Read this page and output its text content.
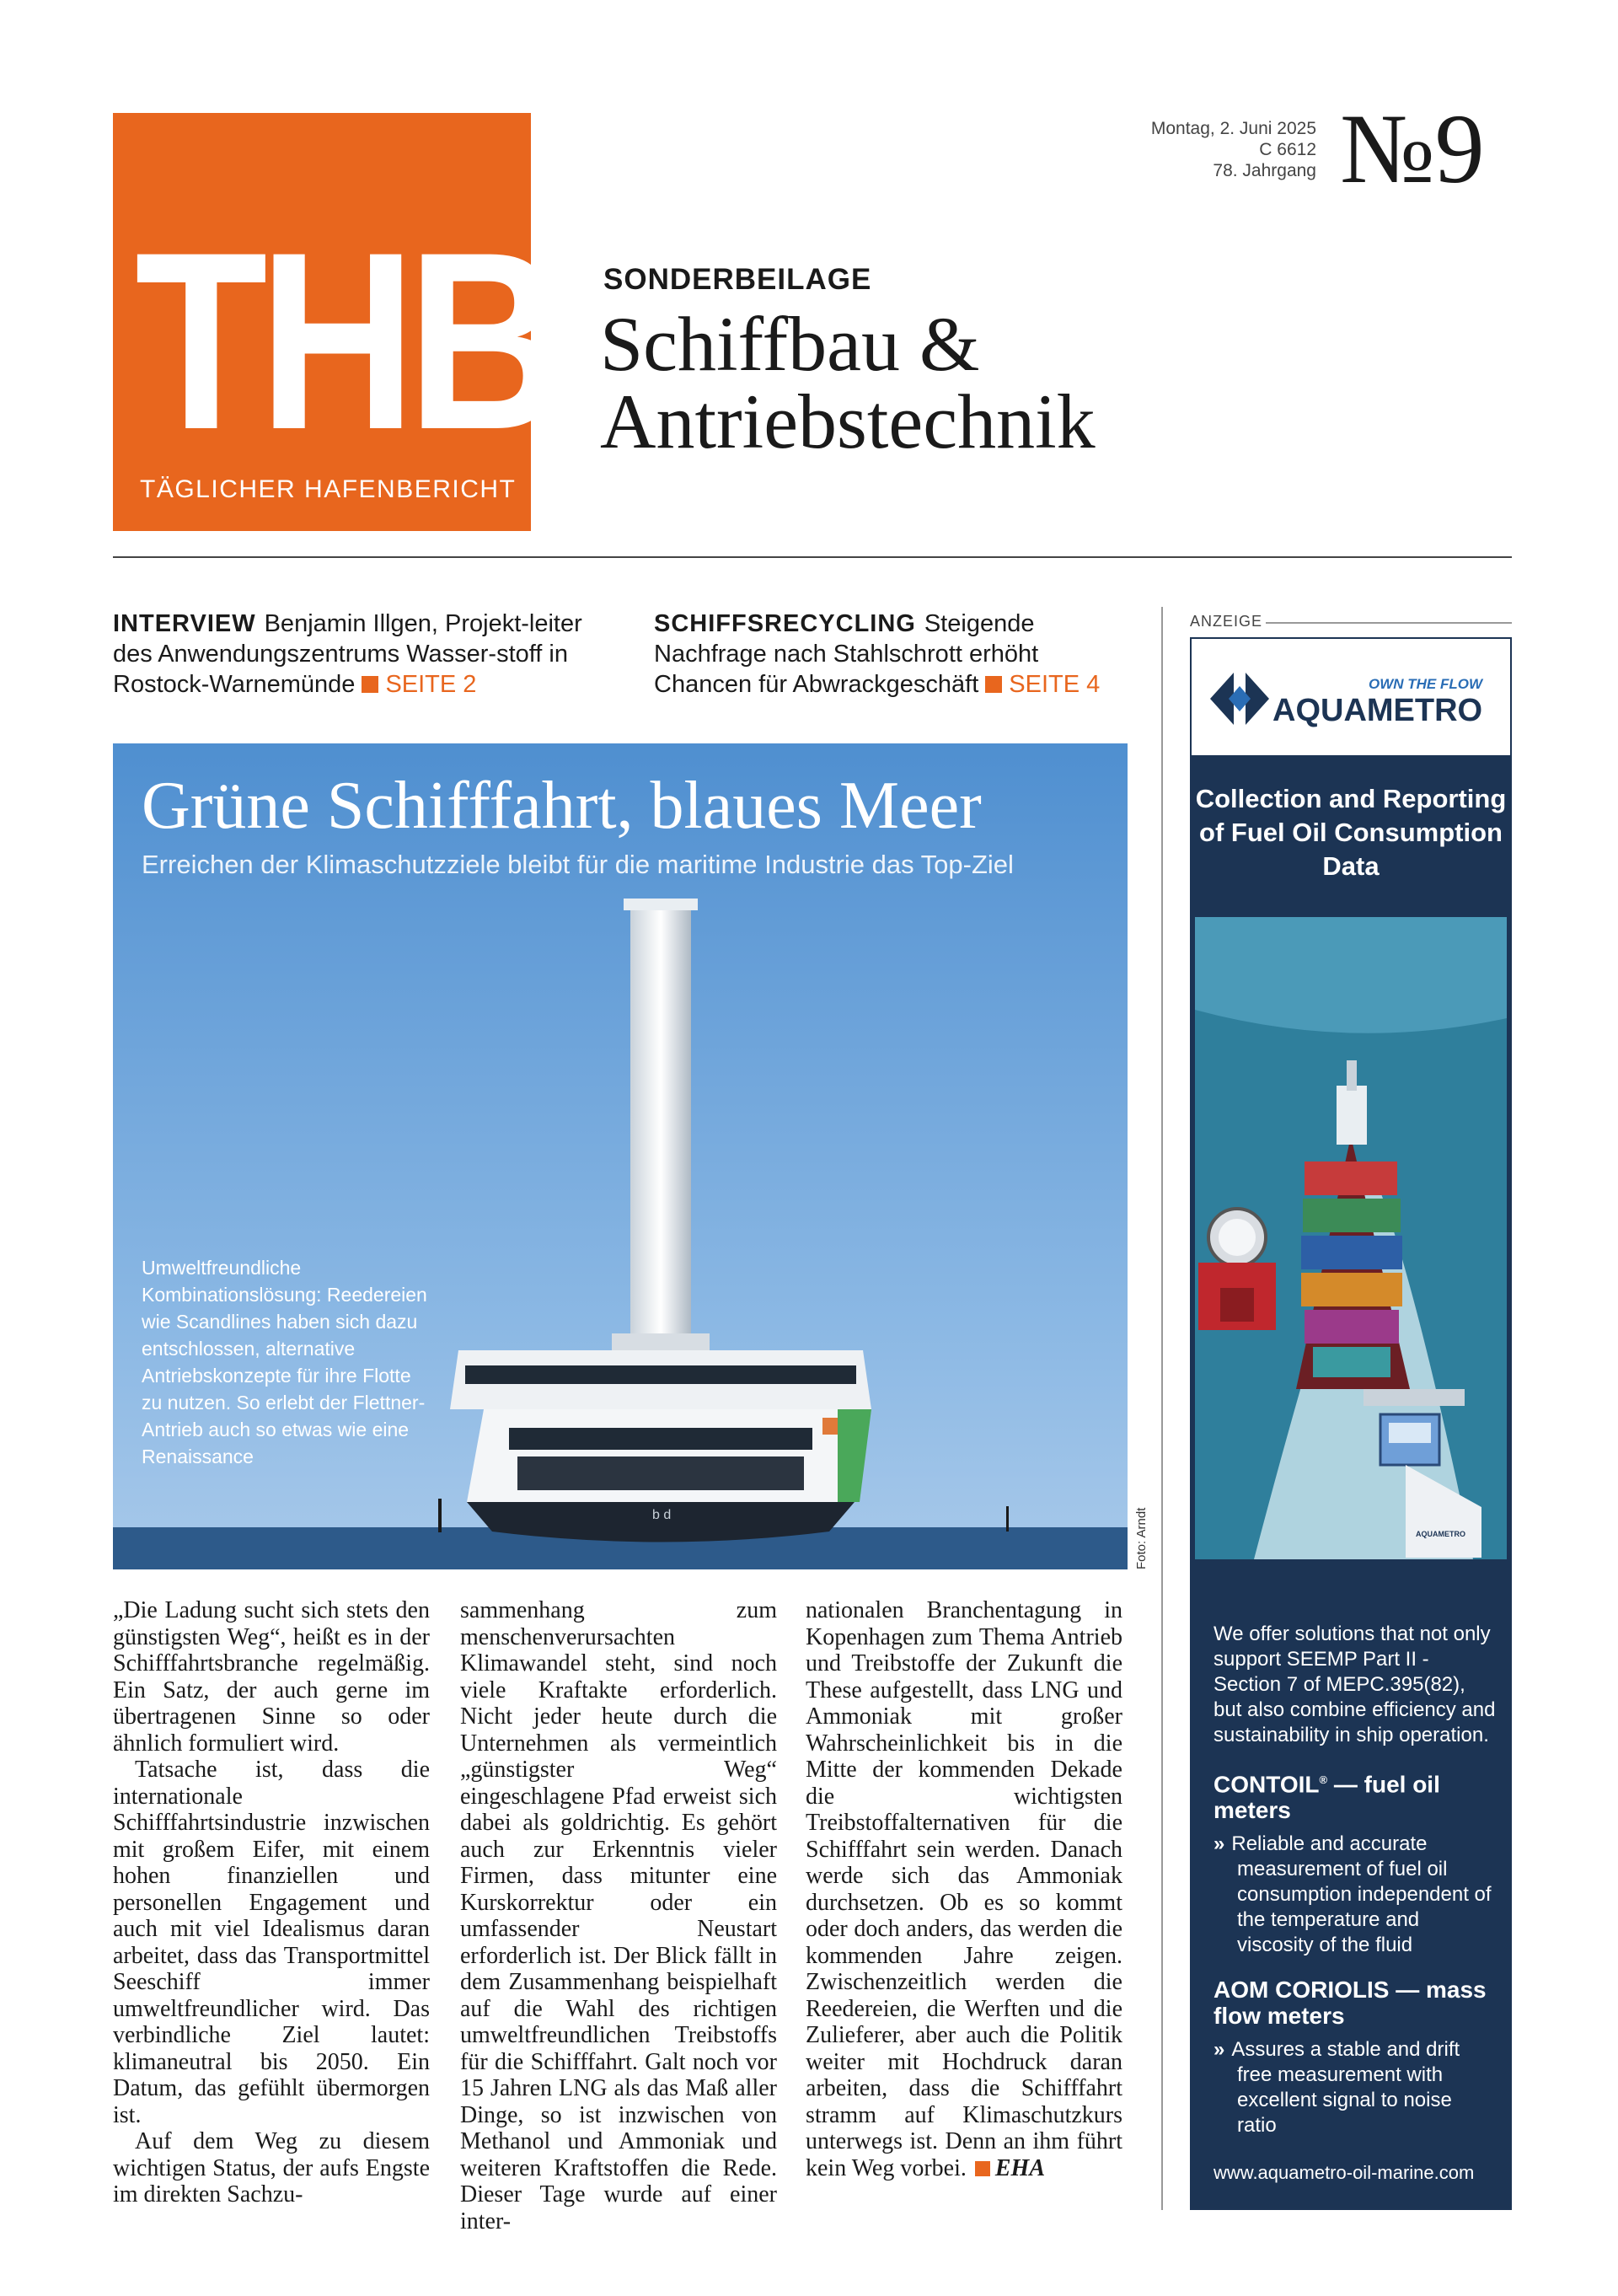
THB
TÄGLICHER HAFENBERICHT
Montag, 2. Juni 2025
C 6612
78. Jahrgang №9
SONDERBEILAGE
Schiffbau &
Antriebstechnik
INTERVIEW Benjamin Illgen, Projekt-leiter des Anwendungszentrums Wasser-stoff in Rostock-Warnemünde SEITE 2
SCHIFFSRECYCLING Steigende Nachfrage nach Stahlschrott erhöht Chancen für Abwrackgeschäft SEITE 4
b d
Grüne Schifffahrt, blaues Meer
Erreichen der Klimaschutzziele bleibt für die maritime Industrie das Top-Ziel
Umweltfreundliche Kombinationslösung: Reedereien wie Scandlines haben sich dazu entschlossen, alternative Antriebskonzepte für ihre Flotte zu nutzen. So erlebt der Flettner-Antrieb auch so etwas wie eine Renaissance
Foto: Arndt

„Die Ladung sucht sich stets den günstigsten Weg“, heißt es in der Schifffahrtsbranche regelmäßig. Ein Satz, der auch gerne im übertragenen Sinne so oder ähnlich formuliert wird.

Tatsache ist, dass die internationale Schifffahrtsindustrie inzwischen mit großem Eifer, mit einem hohen finanziellen und personellen Engagement und auch mit viel Idealismus daran arbeitet, dass das Transportmittel Seeschiff immer umweltfreundlicher wird. Das verbindliche Ziel lautet: klimaneutral bis 2050. Ein Datum, das gefühlt übermorgen ist.

Auf dem Weg zu diesem wichtigen Status, der aufs Engste im direkten Sachzu-

sammenhang zum menschenverursachten Klimawandel steht, sind noch viele Kraftakte erforderlich. Nicht jeder heute durch die Unternehmen als vermeintlich „günstigster Weg“ eingeschlagene Pfad erweist sich dabei als goldrichtig. Es gehört auch zur Erkenntnis vieler Firmen, dass mitunter eine Kurskorrektur oder ein umfassender Neustart erforderlich ist. Der Blick fällt in dem Zusammenhang beispielhaft auf die Wahl des richtigen umweltfreundlichen Treibstoffs für die Schifffahrt. Galt noch vor 15 Jahren LNG als das Maß aller Dinge, so ist inzwischen von Methanol und Ammoniak und weiteren Kraftstoffen die Rede. Dieser Tage wurde auf einer inter-

nationalen Branchentagung in Kopenhagen zum Thema Antrieb und Treibstoffe der Zukunft die These aufgestellt, dass LNG und Ammoniak mit großer Wahrscheinlichkeit bis in die Mitte der kommenden Dekade die wichtigsten Treibstoffalternativen für die Schifffahrt sein werden. Danach werde sich das Ammoniak durchsetzen. Ob es so kommt oder doch anders, das werden die kommenden Jahre zeigen. Zwischenzeitlich werden die Reedereien, die Werften und die Zulieferer, aber auch die Politik weiter mit Hochdruck daran arbeiten, dass die Schifffahrt stramm auf Klimaschutzkurs unterwegs ist. Denn an ihm führt kein Weg vorbei. EHA

ANZEIGE
OWN THE FLOW
AQUAMETRO
Collection and Reporting of Fuel Oil Consumption Data
AQUAMETRO
We offer solutions that not only support SEEMP Part II - Section 7 of MEPC.395(82), but also combine efficiency and sustainability in ship operation.
CONTOIL® — fuel oil meters
» Reliable and accurate measurement of fuel oil consumption independent of the temperature and viscosity of the fluid
AOM CORIOLIS — mass flow meters
» Assures a stable and drift free measurement with excellent signal to noise ratio
www.aquametro-oil-marine.com
